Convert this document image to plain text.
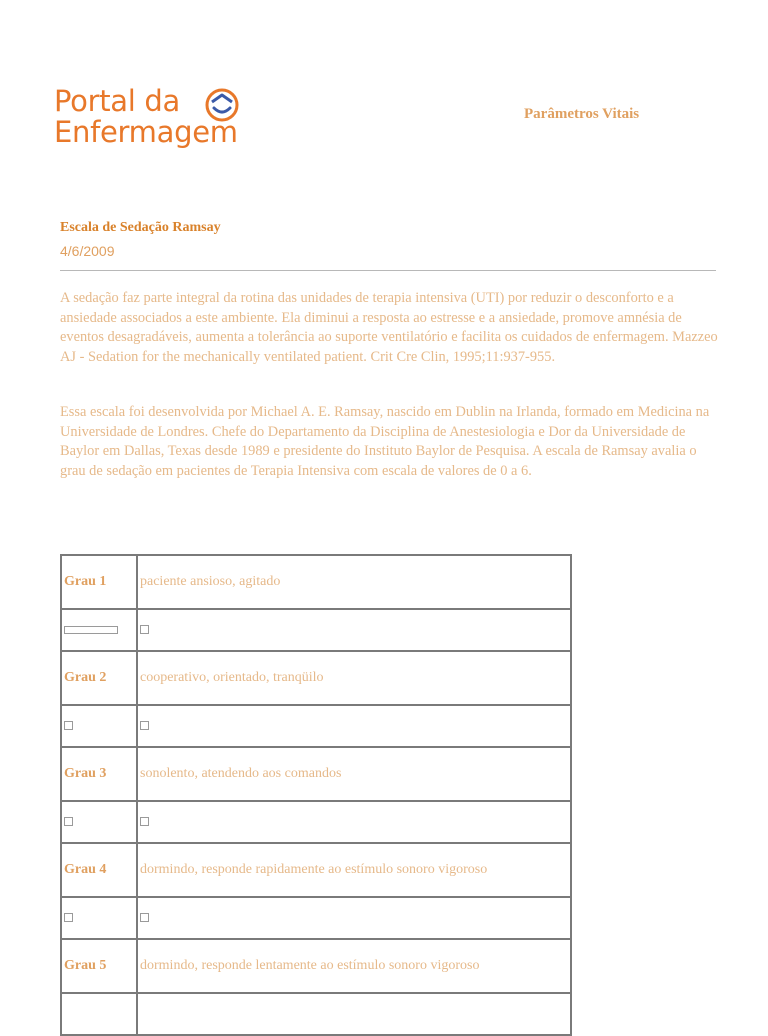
Portal da
Enfermagem
Parâmetros Vitais
Escala de Sedação Ramsay
4/6/2009

A sedação faz parte integral da rotina das unidades de terapia intensiva (UTI) por reduzir o desconforto e a ansiedade associados a este ambiente. Ela diminui a resposta ao estresse e a ansiedade, promove amnésia de eventos desagradáveis, aumenta a tolerância ao suporte ventilatório e facilita os cuidados de enfermagem. Mazzeo AJ - Sedation for the mechanically ventilated patient. Crit Cre Clin, 1995;11:937-955.

Essa escala foi desenvolvida por Michael A. E. Ramsay, nascido em Dublin na Irlanda, formado em Medicina na Universidade de Londres. Chefe do Departamento da Disciplina de Anestesiologia e Dor da Universidade de Baylor em Dallas, Texas desde 1989 e presidente do Instituto Baylor de Pesquisa. A escala de Ramsay avalia o grau de sedação em pacientes de Terapia Intensiva com escala de valores de 0 a 6.

Grau 1	paciente ansioso, agitado

Grau 2	cooperativo, orientado, tranqüilo

Grau 3	sonolento, atendendo aos comandos

Grau 4	dormindo, responde rapidamente ao estímulo sonoro vigoroso

Grau 5	dormindo, responde lentamente ao estímulo sonoro vigoroso
